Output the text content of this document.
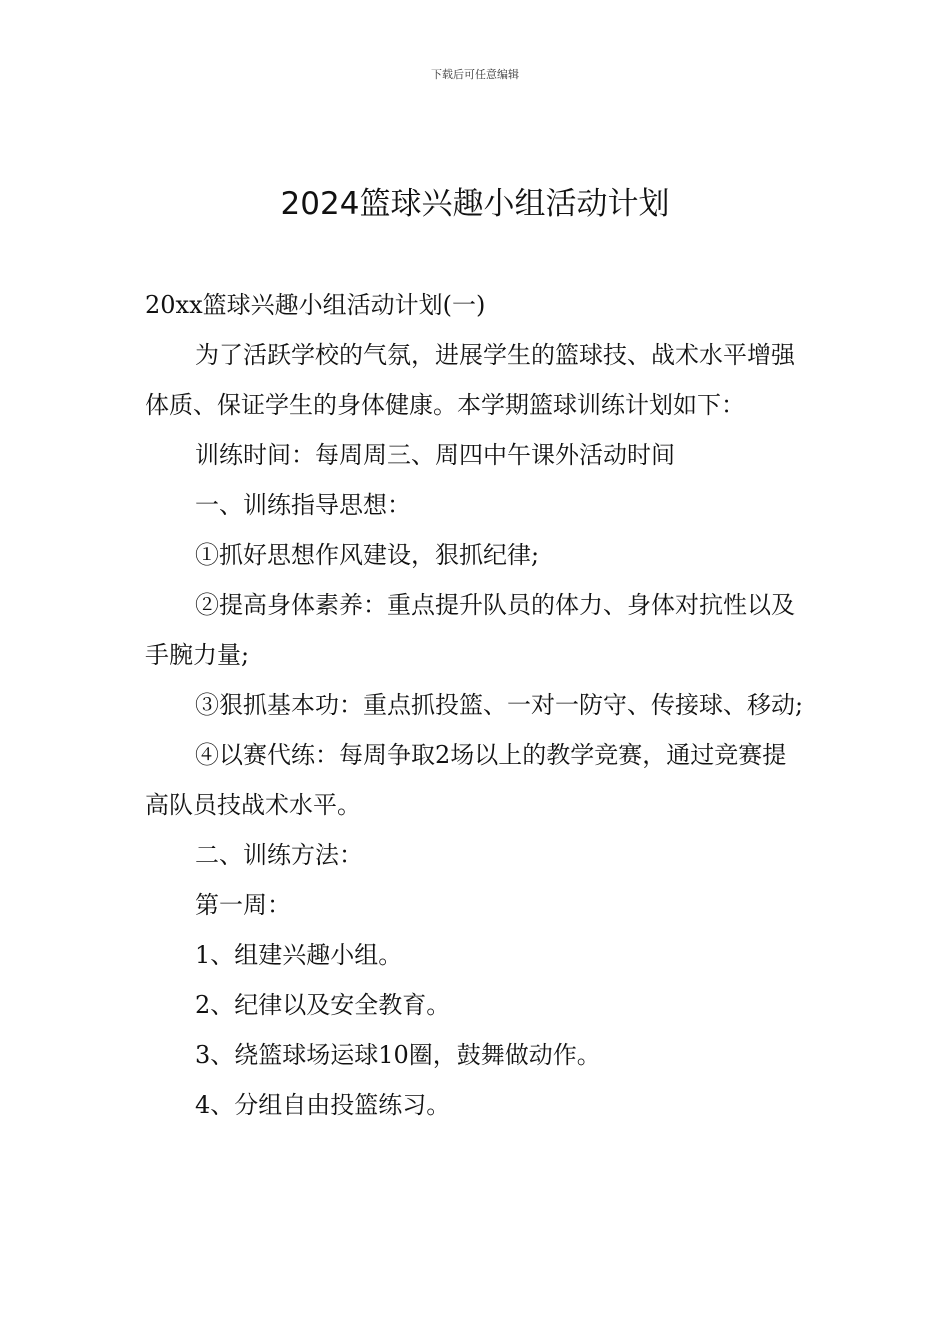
下载后可任意编辑
2024篮球兴趣小组活动计划

20xx篮球兴趣小组活动计划(一)

为了活跃学校的气氛，进展学生的篮球技、战术水平增强体质、保证学生的身体健康。本学期篮球训练计划如下：

训练时间：每周周三、周四中午课外活动时间

一、训练指导思想：

①抓好思想作风建设，狠抓纪律;

②提高身体素养：重点提升队员的体力、身体对抗性以及手腕力量;

③狠抓基本功：重点抓投篮、一对一防守、传接球、移动;

④以赛代练：每周争取2场以上的教学竞赛，通过竞赛提高队员技战术水平。

二、训练方法：

第一周：

1、组建兴趣小组。

2、纪律以及安全教育。

3、绕篮球场运球10圈，鼓舞做动作。

4、分组自由投篮练习。
